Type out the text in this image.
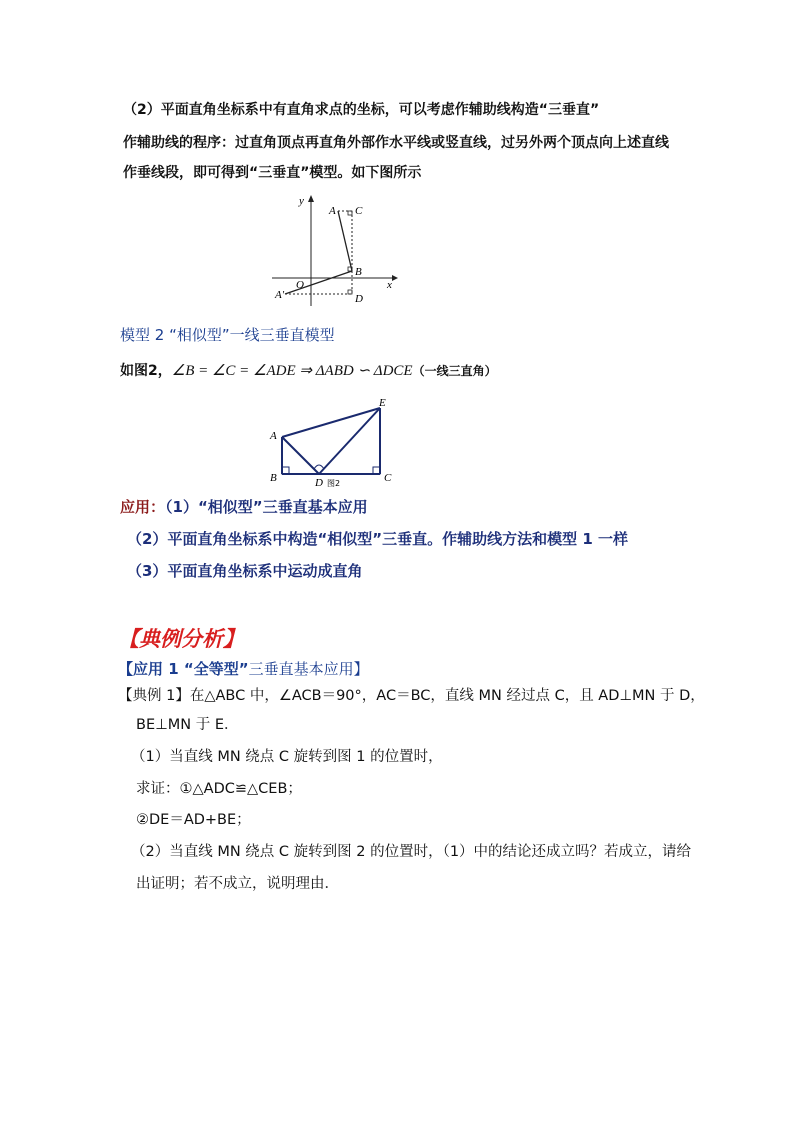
（2）平面直角坐标系中有直角求点的坐标，可以考虑作辅助线构造“三垂直”
作辅助线的程序：过直角顶点再直角外部作水平线或竖直线，过另外两个顶点向上述直线
作垂线段，即可得到“三垂直”模型。如下图所示
y
x
O
A C
B
A'	D
模型 2 “相似型”一线三垂直模型
如图2，∠B = ∠C = ∠ADE ⇒ ΔABD ∽ ΔDCE（一线三直角）
A
B	C
D
E
图2
应用：（1）“相似型”三垂直基本应用
（2）平面直角坐标系中构造“相似型”三垂直。作辅助线方法和模型 1 一样
（3）平面直角坐标系中运动成直角
【典例分析】
【应用 1 “全等型”三垂直基本应用】
【典例 1】在△ABC 中，∠ACB＝90°，AC＝BC，直线 MN 经过点 C，且 AD⊥MN 于 D，
BE⊥MN 于 E．
（1）当直线 MN 绕点 C 旋转到图 1 的位置时，
求证：①△ADC≌△CEB；
②DE＝AD+BE；
（2）当直线 MN 绕点 C 旋转到图 2 的位置时，（1）中的结论还成立吗？若成立，请给
出证明；若不成立，说明理由．
